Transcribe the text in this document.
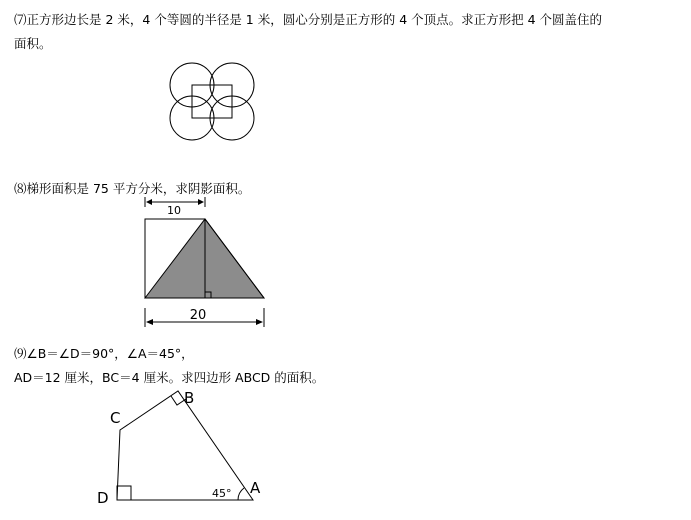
⑺正方形边长是 2 米，4 个等圆的半径是 1 米，圆心分别是正方形的 4 个顶点。求正方形把 4 个圆盖住的
面积。
⑻梯形面积是 75 平方分米，求阴影面积。
⑼∠B＝∠D＝90°，∠A＝45°，
AD＝12 厘米，BC＝4 厘米。求四边形 ABCD 的面积。
10
20
D
C
B
A
45°
